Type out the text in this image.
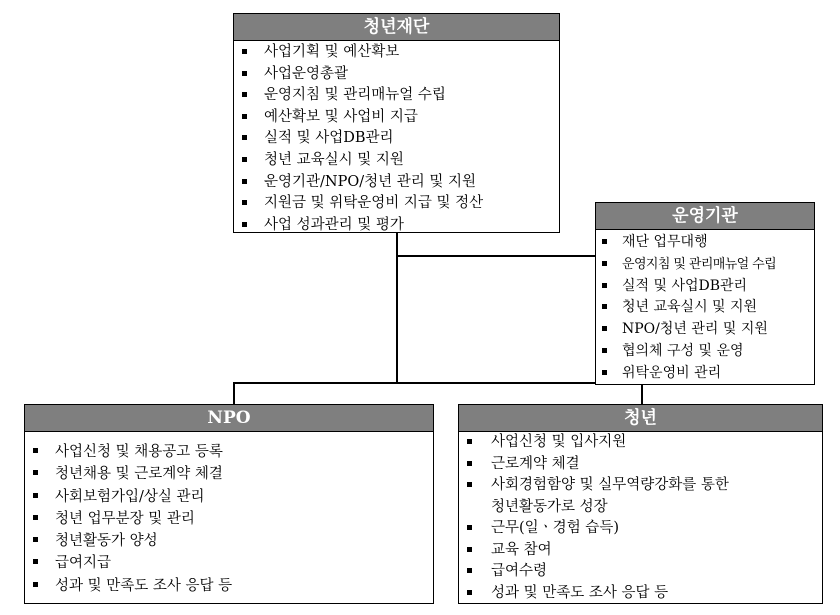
청년재단
사업기획 및 예산확보
사업운영총괄
운영지침 및 관리매뉴얼 수립
예산확보 및 사업비 지급
실적 및 사업DB관리
청년 교육실시 및 지원
운영기관/NPO/청년 관리 및 지원
지원금 및 위탁운영비 지급 및 정산
사업 성과관리 및 평가	운영기관
재단 업무대행
운영지침 및 관리매뉴얼 수립
실적 및 사업DB관리
청년 교육실시 및 지원
NPO/청년 관리 및 지원
협의체 구성 및 운영
위탁운영비 관리
NPO
사업신청 및 채용공고 등록
청년채용 및 근로계약 체결
사회보험가입/상실 관리
청년 업무분장 및 관리
청년활동가 양성
급여지급
성과 및 만족도 조사 응답 등
청년
사업신청 및 입사지원
근로계약 체결
사회경험함양 및 실무역량강화를 통한
청년활동가로 성장
근무(일ㆍ경험 습득)
교육 참여
급여수령
성과 및 만족도 조사 응답 등
